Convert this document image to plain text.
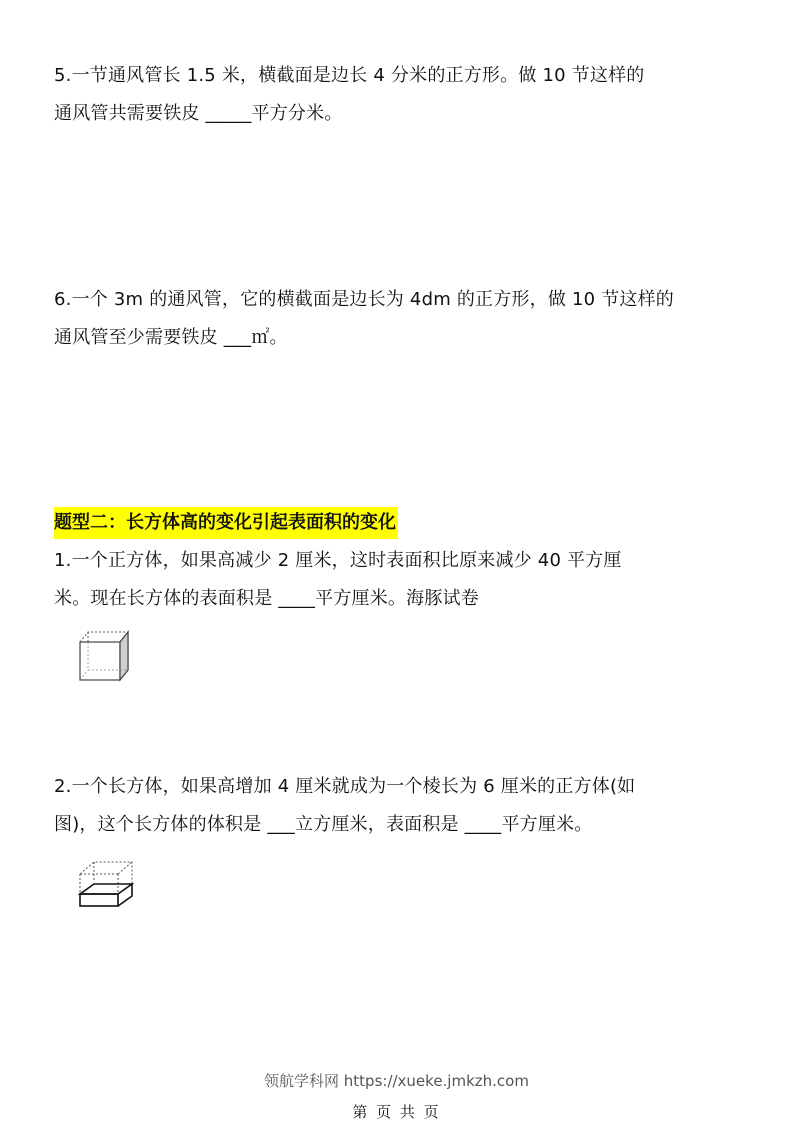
5.一节通风管长 1.5 米，横截面是边长 4 分米的正方形。做 10 节这样的
通风管共需要铁皮 _____平方分米。
6.一个 3m 的通风管，它的横截面是边长为 4dm 的正方形，做 10 节这样的
通风管至少需要铁皮 ___㎡。
题型二：长方体高的变化引起表面积的变化
1.一个正方体，如果高减少 2 厘米，这时表面积比原来减少 40 平方厘
米。现在长方体的表面积是 ____平方厘米。海豚试卷
2.一个长方体，如果高增加 4 厘米就成为一个棱长为 6 厘米的正方体(如
图)，这个长方体的体积是 ___立方厘米，表面积是 ____平方厘米。
领航学科网 https://xueke.jmkzh.com
第 页 共 页
